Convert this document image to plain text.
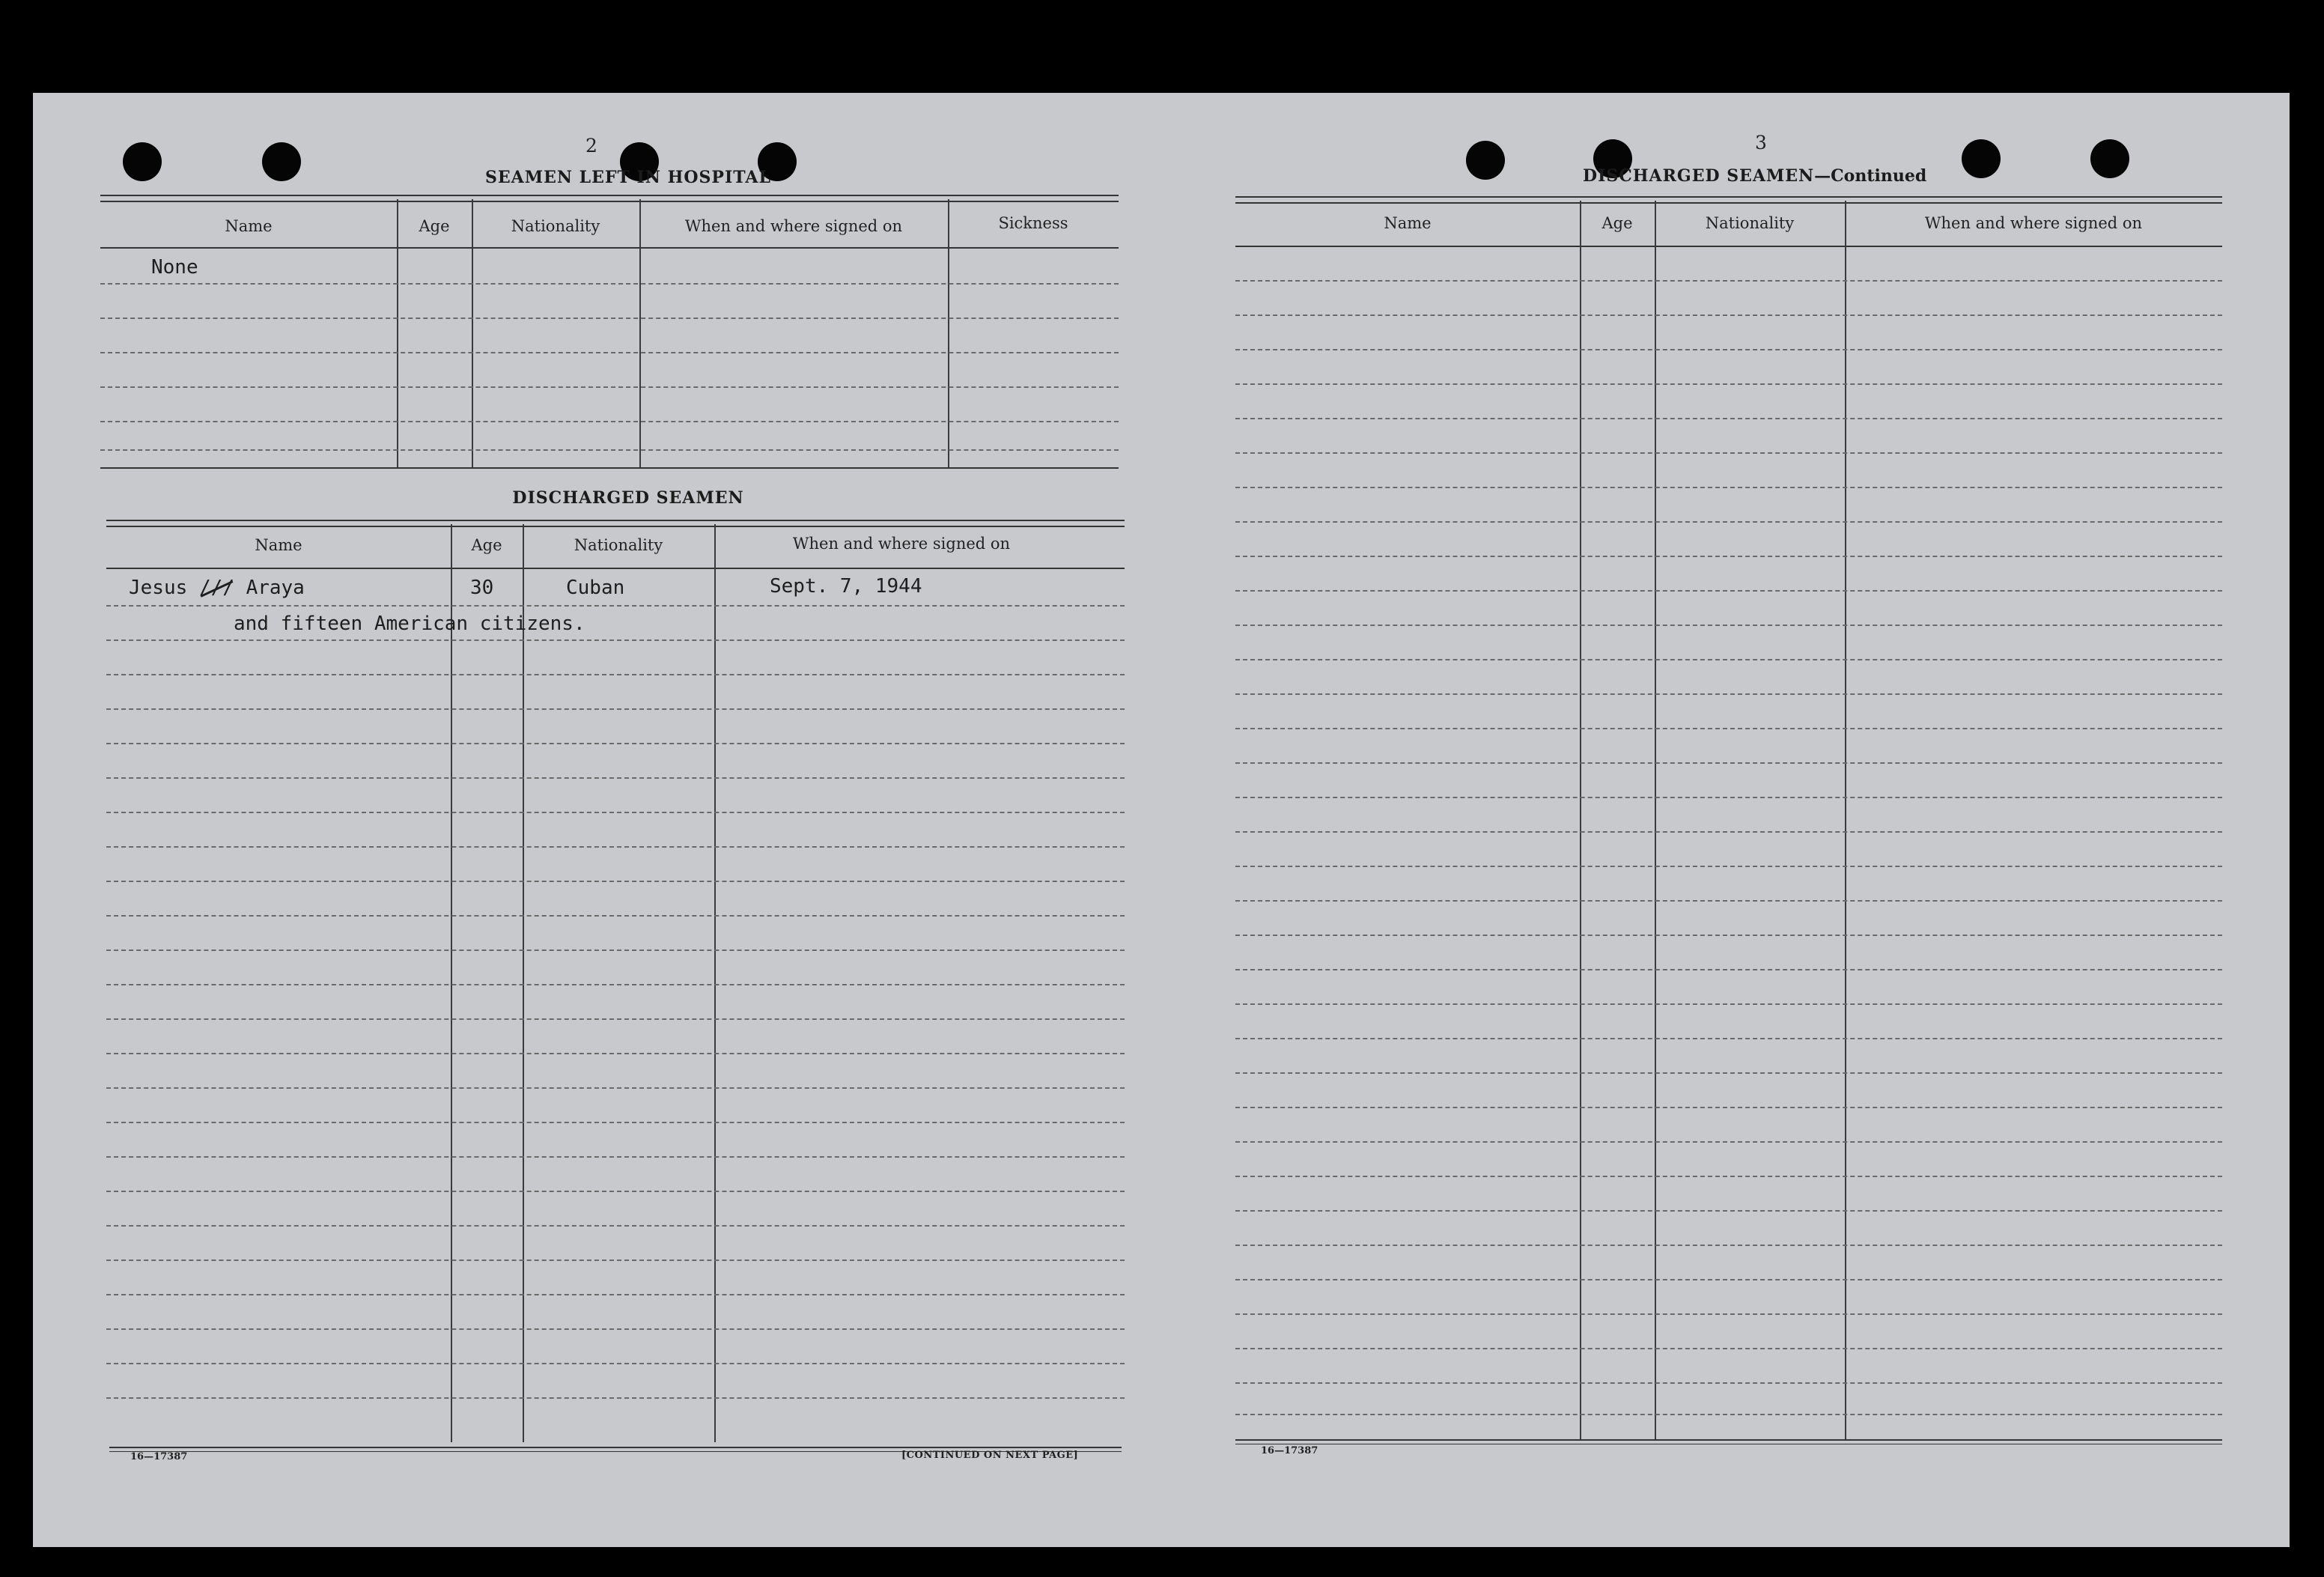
2
SEAMEN LEFT IN HOSPITAL
Name	Age	Nationality	When and where signed on	Sickness
None
DISCHARGED SEAMEN
Name	Age	Nationality	When and where signed on
Jesus /// Araya	30	Cuban	Sept. 7, 1944
and fifteen American citizens.
16—17387	[CONTINUED ON NEXT PAGE]
3
DISCHARGED SEAMEN—Continued
Name	Age	Nationality	When and where signed on
16—17387
